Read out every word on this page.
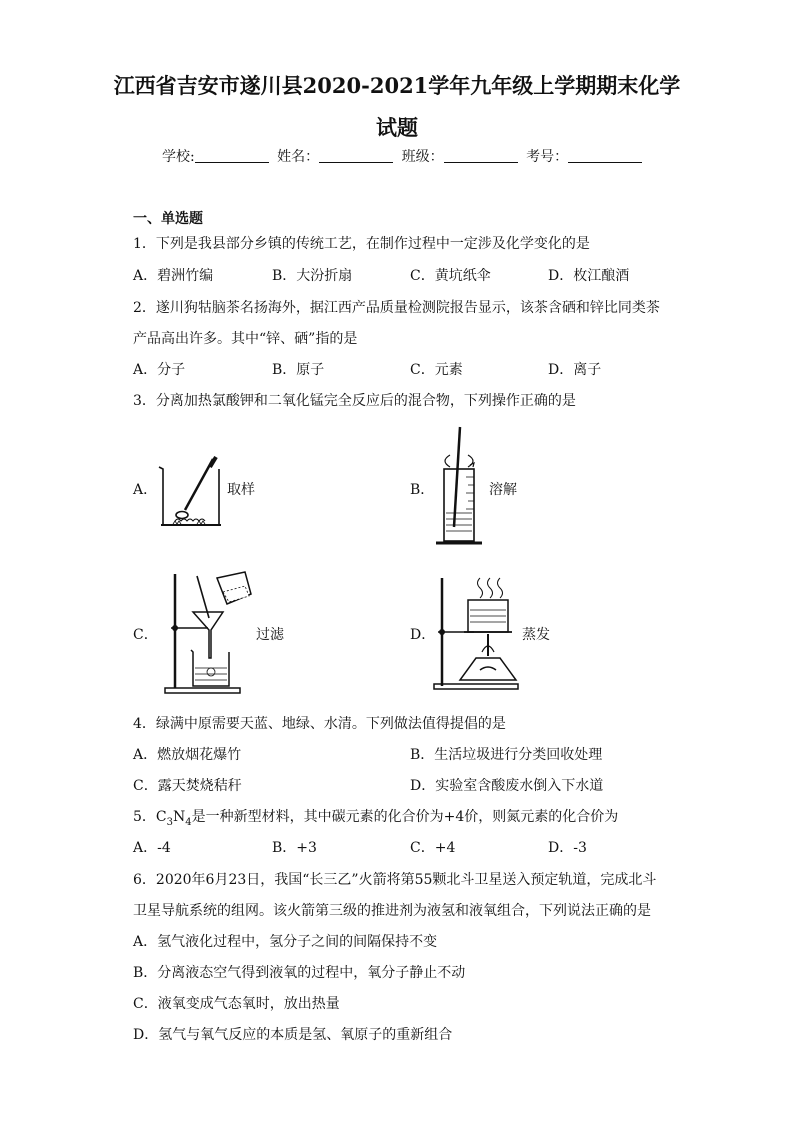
江西省吉安市遂川县2020-2021学年九年级上学期期末化学
试题
学校:	姓名：	班级：	考号：
一、单选题
1．下列是我县部分乡镇的传统工艺，在制作过程中一定涉及化学变化的是
A．碧洲竹编	B．大汾折扇	C．黄坑纸伞	D．枚江酿酒
2．遂川狗牯脑茶名扬海外，据江西产品质量检测院报告显示，该茶含硒和锌比同类茶
产品高出许多。其中“锌、硒”指的是
A．分子	B．原子	C．元素	D．离子
3．分离加热氯酸钾和二氧化锰完全反应后的混合物，下列操作正确的是
A．	取样	B．	溶解
C．	过滤	D．	蒸发
4．绿满中原需要天蓝、地绿、水清。下列做法值得提倡的是
A．燃放烟花爆竹	B．生活垃圾进行分类回收处理
C．露天焚烧秸秆	D．实验室含酸废水倒入下水道
5．$C_3N_4$是一种新型材料，其中碳元素的化合价为+4价，则氮元素的化合价为
A．-4	B．+3	C．+4	D．-3
6．2020年6月23日，我国“长三乙”火箭将第55颗北斗卫星送入预定轨道，完成北斗
卫星导航系统的组网。该火箭第三级的推进剂为液氢和液氧组合，下列说法正确的是
A．氢气液化过程中，氢分子之间的间隔保持不变
B．分离液态空气得到液氧的过程中，氧分子静止不动
C．液氧变成气态氧时，放出热量
D．氢气与氧气反应的本质是氢、氧原子的重新组合
